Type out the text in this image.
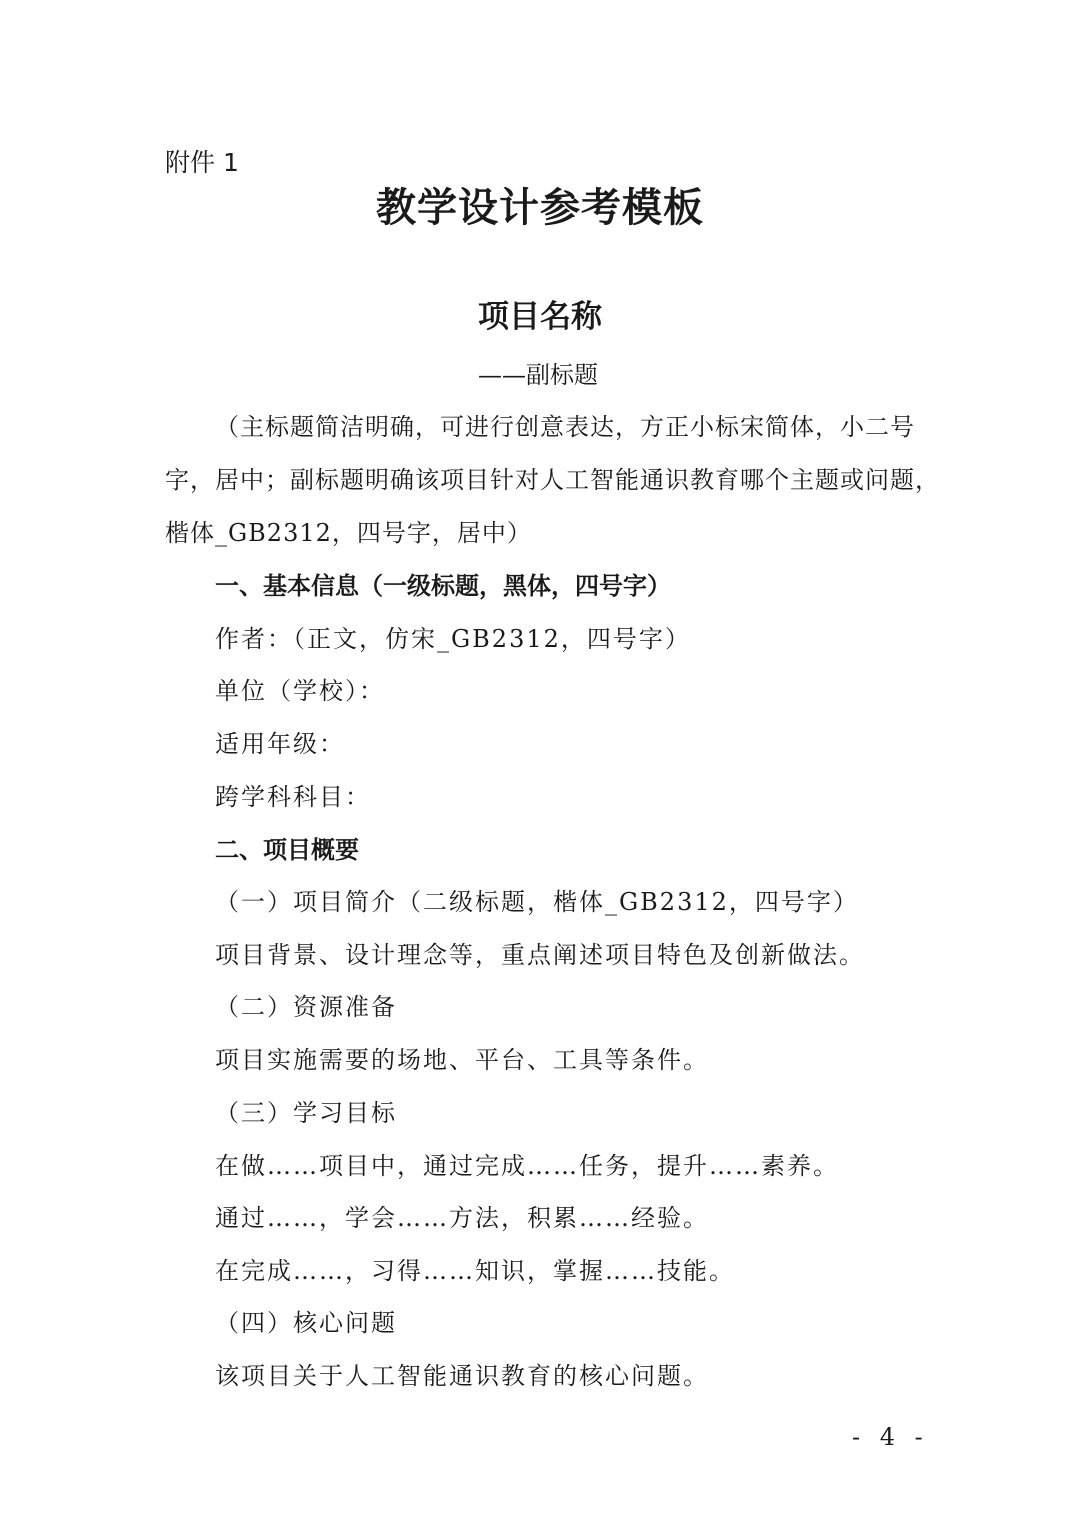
附件 1
教学设计参考模板
项目名称
——副标题
（主标题简洁明确，可进行创意表达，方正小标宋简体，小二号
字，居中；副标题明确该项目针对人工智能通识教育哪个主题或问题，
楷体_GB2312，四号字，居中）
一、基本信息（一级标题，黑体，四号字）
作者：（正文，仿宋_GB2312，四号字）
单位（学校）：
适用年级：
跨学科科目：
二、项目概要
（一）项目简介（二级标题，楷体_GB2312，四号字）
项目背景、设计理念等，重点阐述项目特色及创新做法。
（二）资源准备
项目实施需要的场地、平台、工具等条件。
（三）学习目标
在做……项目中，通过完成……任务，提升……素养。
通过……，学会……方法，积累……经验。
在完成……，习得……知识，掌握……技能。
（四）核心问题
该项目关于人工智能通识教育的核心问题。
- 4 -
